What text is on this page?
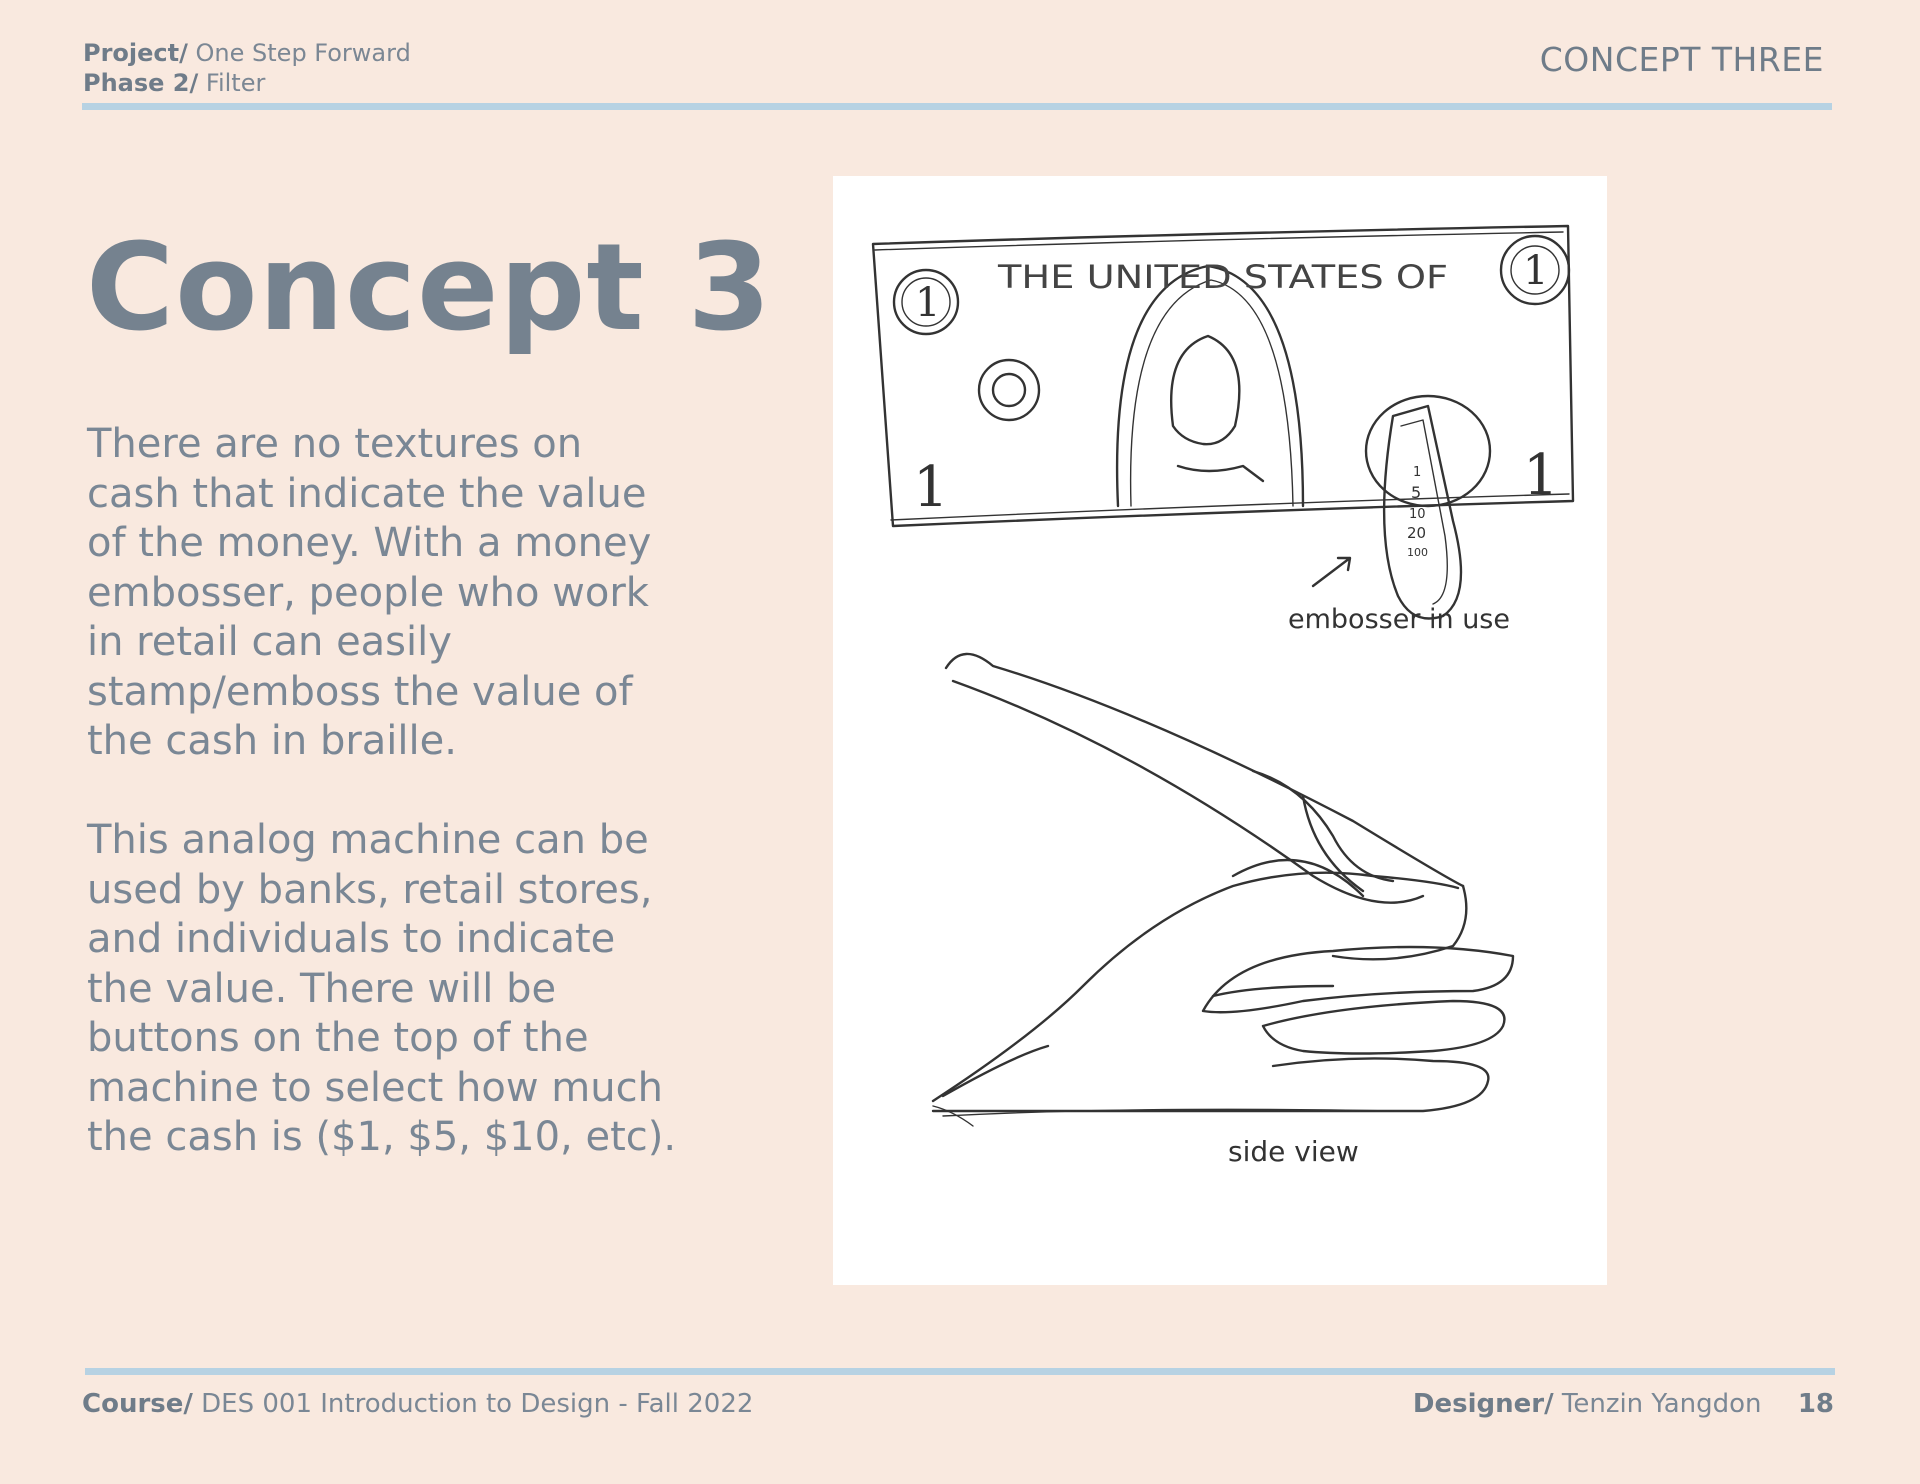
Project/ One Step Forward
Phase 2/ Filter
CONCEPT THREE
Concept 3

There are no textures on cash that indicate the value of the money. With a money embosser, people who work in retail can easily stamp/emboss the value of the cash in braille.

This analog machine can be used by banks, retail stores, and individuals to indicate the value. There will be buttons on the top of the machine to select how much the cash is ($1, $5, $10, etc).

THE UNITED STATES OF
1
1
1	1
1
5
10
20
100
embosser in use
side view
Course/ DES 001 Introduction to Design - Fall 2022	Designer/ Tenzin Yangdon 18
